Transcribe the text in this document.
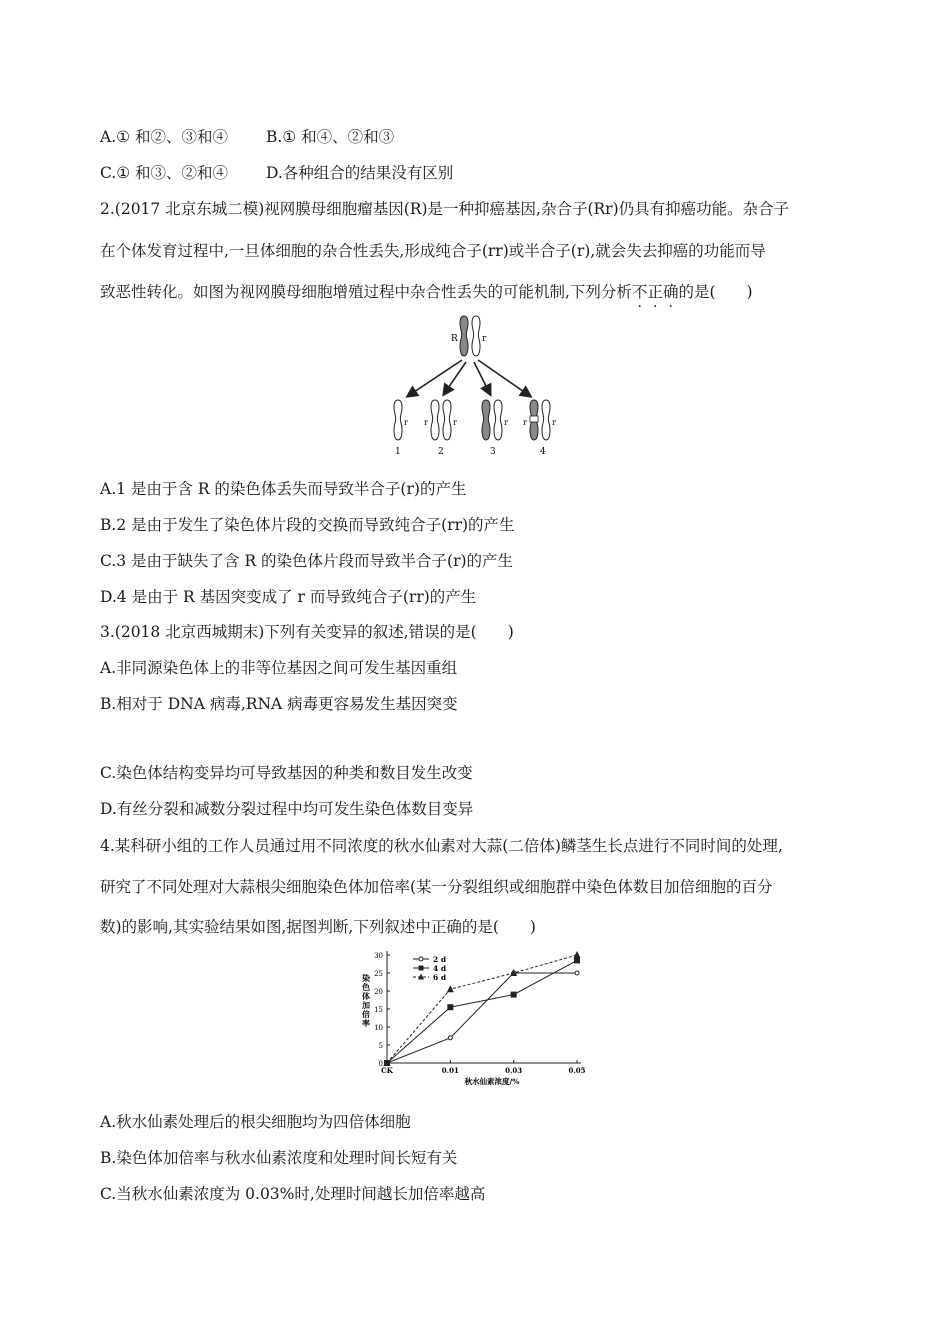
A.① 和②、③和④ B.① 和④、②和③
C.① 和③、②和④ D.各种组合的结果没有区别
2.(2017 北京东城二模)视网膜母细胞瘤基因(R)是一种抑癌基因,杂合子(Rr)仍具有抑癌功能。杂合子
在个体发育过程中,一旦体细胞的杂合性丢失,形成纯合子(rr)或半合子(r),就会失去抑癌的功能而导
致恶性转化。如图为视网膜母细胞增殖过程中杂合性丢失的可能机制,下列分析不正确的是(　　)
R	r
r
1
r	r
2
r
3
r	r
4
A.1 是由于含 R 的染色体丢失而导致半合子(r)的产生
B.2 是由于发生了染色体片段的交换而导致纯合子(rr)的产生
C.3 是由于缺失了含 R 的染色体片段而导致半合子(r)的产生
D.4 是由于 R 基因突变成了 r 而导致纯合子(rr)的产生
3.(2018 北京西城期末)下列有关变异的叙述,错误的是(　　)
A.非同源染色体上的非等位基因之间可发生基因重组
B.相对于 DNA 病毒,RNA 病毒更容易发生基因突变
C.染色体结构变异均可导致基因的种类和数目发生改变
D.有丝分裂和减数分裂过程中均可发生染色体数目变异
4.某科研小组的工作人员通过用不同浓度的秋水仙素对大蒜(二倍体)鳞茎生长点进行不同时间的处理,
研究了不同处理对大蒜根尖细胞染色体加倍率(某一分裂组织或细胞群中染色体数目加倍细胞的百分
数)的影响,其实验结果如图,据图判断,下列叙述中正确的是(　　)
0
5
10
15
20
25
30
CK	0.01	0.03	0.05
秋水仙素浓度/%
染色体加倍率
2 d
4 d
6 d
A.秋水仙素处理后的根尖细胞均为四倍体细胞
B.染色体加倍率与秋水仙素浓度和处理时间长短有关
C.当秋水仙素浓度为 0.03%时,处理时间越长加倍率越高
